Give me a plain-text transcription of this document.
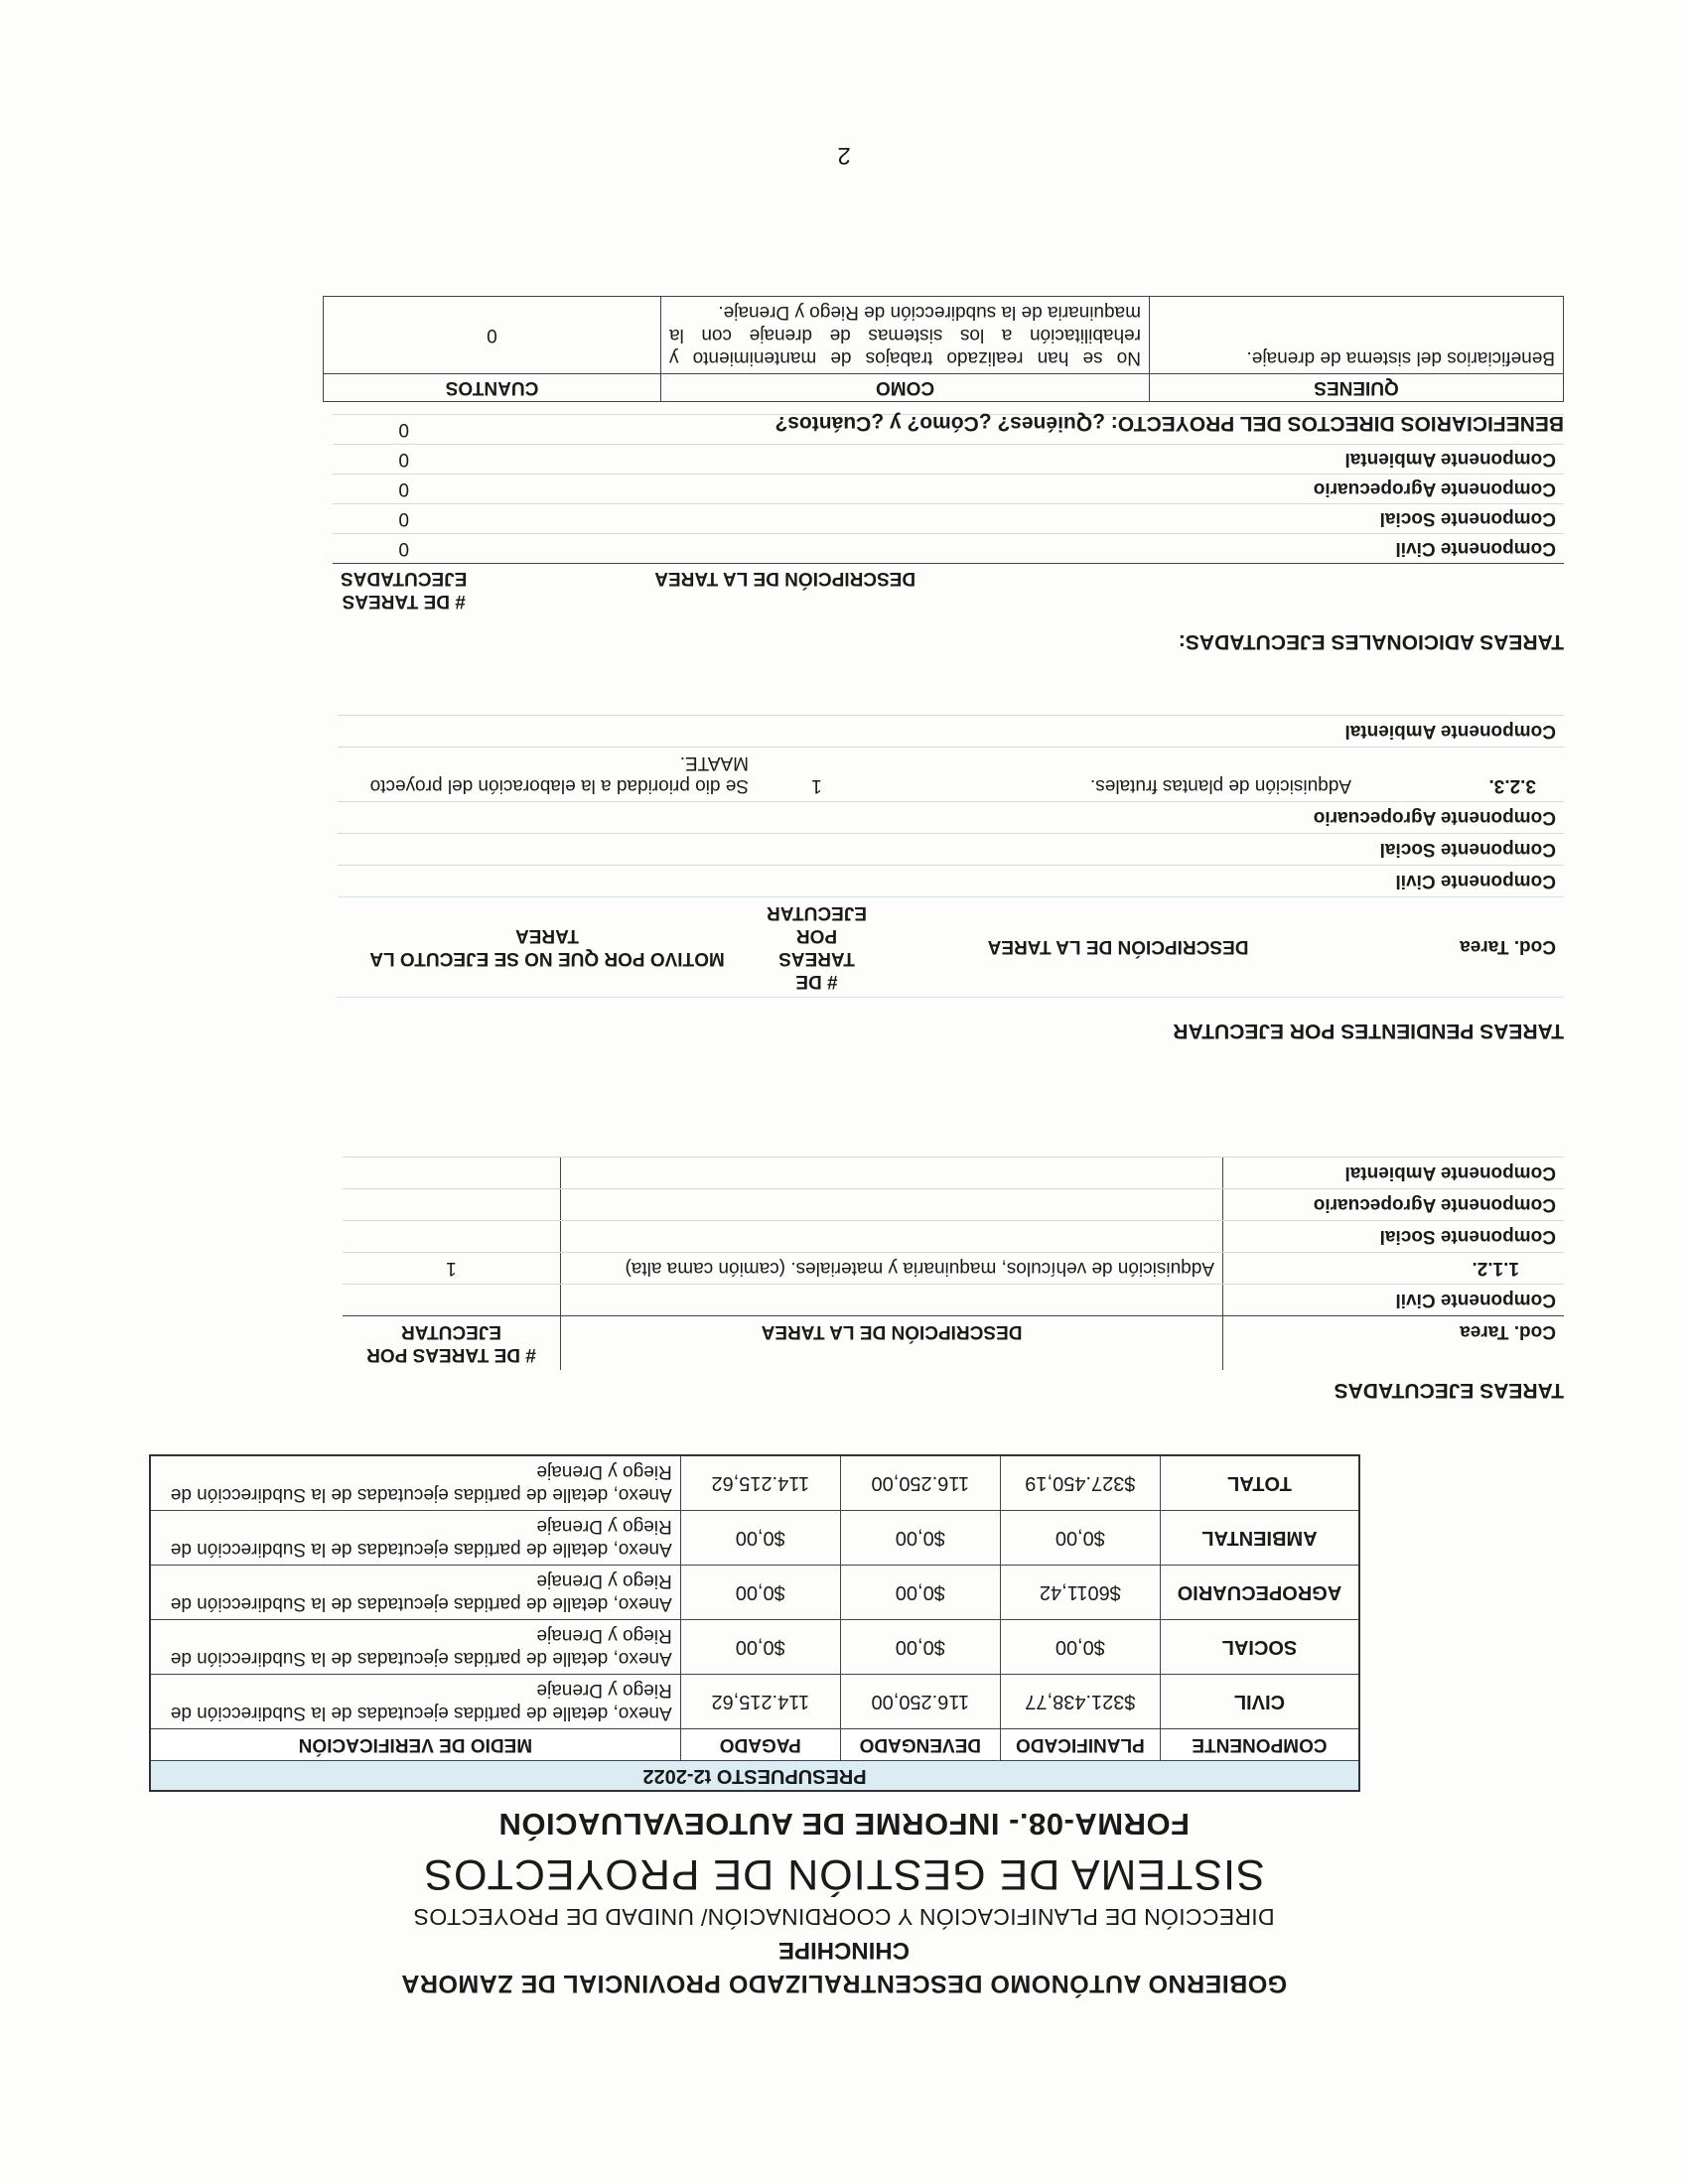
GOBIERNO AUTÓNOMO DESCENTRALIZADO PROVINCIAL DE ZAMORA
CHINCHIPE
DIRECCIÓN DE PLANIFICACIÓN Y COORDINACIÓN/ UNIDAD DE PROYECTOS
SISTEMA DE GESTIÓN DE PROYECTOS
FORMA-08.- INFORME DE AUTOEVALUACIÓN
PRESUPUESTO t2-2022				
COMPONENTE	PLANIFICADO	DEVENGADO	PAGADO	MEDIO DE VERIFICACIÓN
CIVIL	$321.438,77	116.250,00	114.215,62	Anexo, detalle de partidas ejecutadas de la Subdirección de Riego y Drenaje
SOCIAL	$0,00	$0,00	$0,00	Anexo, detalle de partidas ejecutadas de la Subdirección de Riego y Drenaje
AGROPECUARIO	$6011,42	$0,00	$0,00	Anexo, detalle de partidas ejecutadas de la Subdirección de Riego y Drenaje
AMBIENTAL	$0,00	$0,00	$0,00	Anexo, detalle de partidas ejecutadas de la Subdirección de Riego y Drenaje
TOTAL	$327.450,19	116.250,00	114.215,62	Anexo, detalle de partidas ejecutadas de la Subdirección de Riego y Drenaje
TAREAS EJECUTADAS
Cod. Tarea	DESCRIPCIÓN DE LA TAREA	# DE TAREAS POR EJECUTAR
Componente Civil		
1.1.2.	Adquisición de vehículos, maquinaria y materiales. (camión cama alta)	1
Componente Social		
Componente Agropecuario		
Componente Ambiental		
TAREAS PENDIENTES POR EJECUTAR
Cod. Tarea	DESCRIPCIÓN DE LA TAREA	# DE TAREAS POR EJECUTAR	MOTIVO POR QUE NO SE EJECUTO LA TAREA
Componente Civil			
Componente Social			
Componente Agropecuario			
3.2.3.	Adquisición de plantas frutales.	1	Se dio prioridad a la elaboración del proyecto MAATE.
Componente Ambiental			
TAREAS ADICIONALES EJECUTADAS:
DESCRIPCIÓN DE LA TAREA	# DE TAREAS EJECUTADAS
Componente Civil	0
Componente Social	0
Componente Agropecuario	0
Componente Ambiental	0
	0	BENEFICIARIOS DIRECTOS DEL PROYECTO: ¿Quiénes? ¿Cómo? y ¿Cuántos?
QUIENES	COMO	CUANTOS
Beneficiarios del sistema de drenaje.	No se han realizado trabajos de mantenimiento y rehabilitación a los sistemas de drenaje con la maquinaria de la subdirección de Riego y Drenaje.	0
2
